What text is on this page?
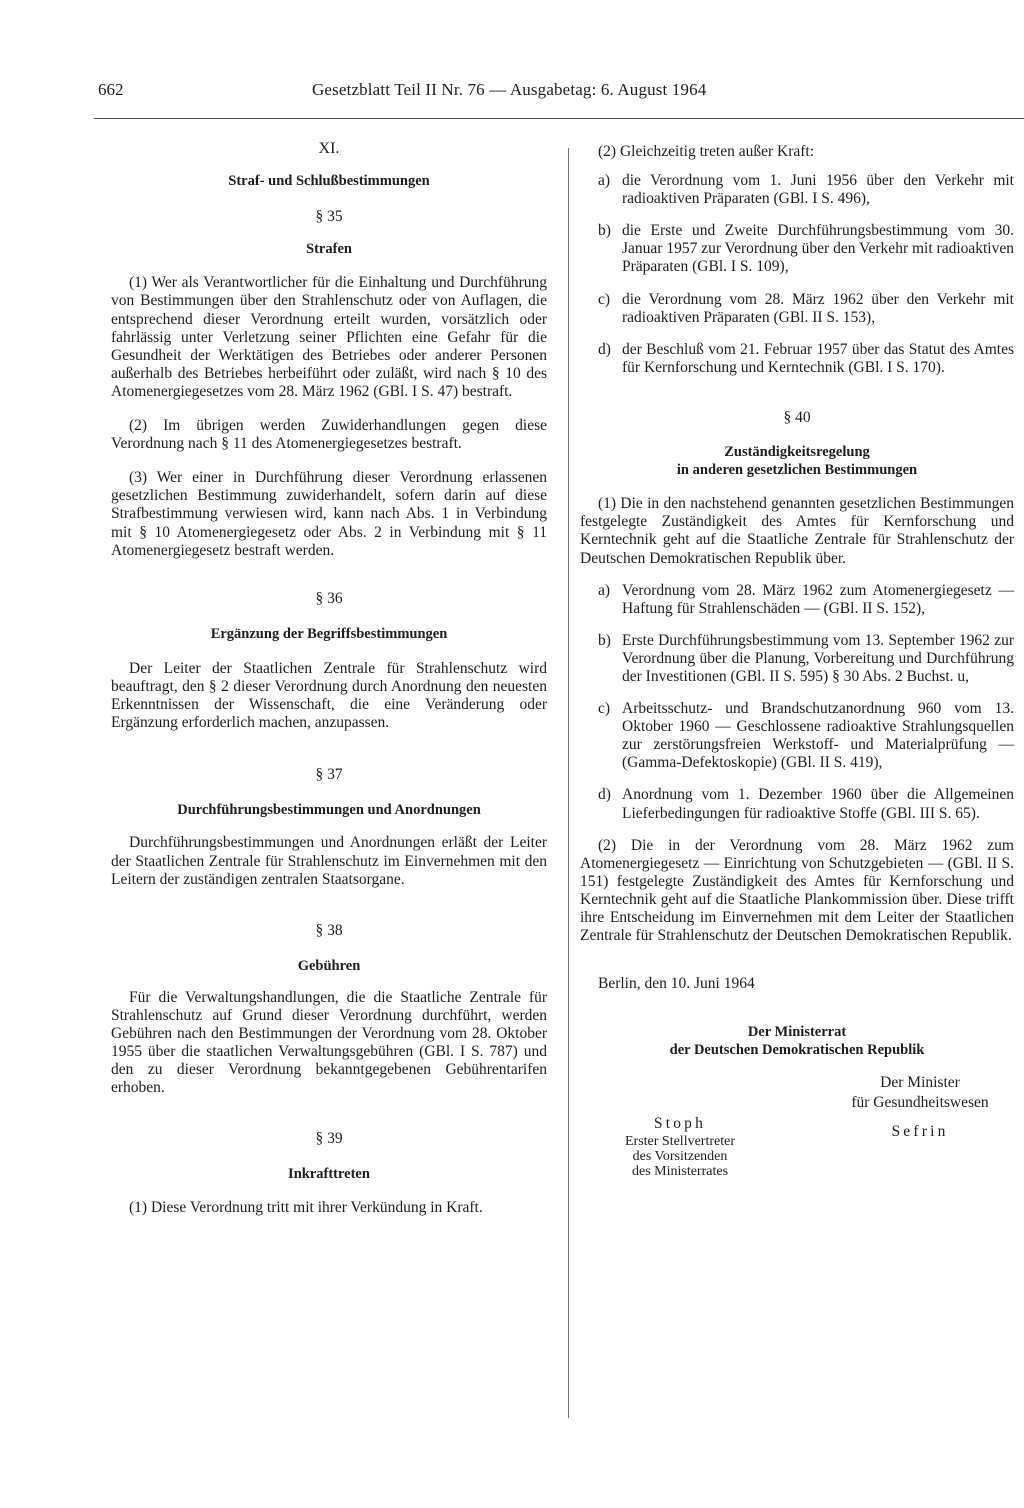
662	Gesetzblatt Teil II Nr. 76 — Ausgabetag: 6. August 1964

XI.

Straf- und Schlußbestimmungen

§ 35

Strafen

(1) Wer als Verantwortlicher für die Einhaltung und Durchführung von Bestimmungen über den Strahlenschutz oder von Auflagen, die entsprechend dieser Verordnung erteilt wurden, vorsätzlich oder fahrlässig unter Verletzung seiner Pflichten eine Gefahr für die Gesundheit der Werktätigen des Betriebes oder anderer Personen außerhalb des Betriebes herbeiführt oder zuläßt, wird nach § 10 des Atomenergiegesetzes vom 28. März 1962 (GBl. I S. 47) bestraft.

(2) Im übrigen werden Zuwiderhandlungen gegen diese Verordnung nach § 11 des Atomenergiegesetzes bestraft.

(3) Wer einer in Durchführung dieser Verordnung erlassenen gesetzlichen Bestimmung zuwiderhandelt, sofern darin auf diese Strafbestimmung verwiesen wird, kann nach Abs. 1 in Verbindung mit § 10 Atomenergiegesetz oder Abs. 2 in Verbindung mit § 11 Atomenergiegesetz bestraft werden.

§ 36

Ergänzung der Begriffsbestimmungen

Der Leiter der Staatlichen Zentrale für Strahlenschutz wird beauftragt, den § 2 dieser Verordnung durch Anordnung den neuesten Erkenntnissen der Wissenschaft, die eine Veränderung oder Ergänzung erforderlich machen, anzupassen.

§ 37

Durchführungsbestimmungen und Anordnungen

Durchführungsbestimmungen und Anordnungen erläßt der Leiter der Staatlichen Zentrale für Strahlenschutz im Einvernehmen mit den Leitern der zuständigen zentralen Staatsorgane.

§ 38

Gebühren

Für die Verwaltungshandlungen, die die Staatliche Zentrale für Strahlenschutz auf Grund dieser Verordnung durchführt, werden Gebühren nach den Bestimmungen der Verordnung vom 28. Oktober 1955 über die staatlichen Verwaltungsgebühren (GBl. I S. 787) und den zu dieser Verordnung bekanntgegebenen Gebührentarifen erhoben.

§ 39

Inkrafttreten

(1) Diese Verordnung tritt mit ihrer Verkündung in Kraft.

(2) Gleichzeitig treten außer Kraft:

a) die Verordnung vom 1. Juni 1956 über den Verkehr mit radioaktiven Präparaten (GBl. I S. 496),
b) die Erste und Zweite Durchführungsbestimmung vom 30. Januar 1957 zur Verordnung über den Verkehr mit radioaktiven Präparaten (GBl. I S. 109),
c) die Verordnung vom 28. März 1962 über den Verkehr mit radioaktiven Präparaten (GBl. II S. 153),
d) der Beschluß vom 21. Februar 1957 über das Statut des Amtes für Kernforschung und Kerntechnik (GBl. I S. 170).

§ 40

Zuständigkeitsregelung

in anderen gesetzlichen Bestimmungen

(1) Die in den nachstehend genannten gesetzlichen Bestimmungen festgelegte Zuständigkeit des Amtes für Kernforschung und Kerntechnik geht auf die Staatliche Zentrale für Strahlenschutz der Deutschen Demokratischen Republik über.

a) Verordnung vom 28. März 1962 zum Atomenergiegesetz — Haftung für Strahlenschäden — (GBl. II S. 152),
b) Erste Durchführungsbestimmung vom 13. September 1962 zur Verordnung über die Planung, Vorbereitung und Durchführung der Investitionen (GBl. II S. 595) § 30 Abs. 2 Buchst. u,
c) Arbeitsschutz- und Brandschutzanordnung 960 vom 13. Oktober 1960 — Geschlossene radioaktive Strahlungsquellen zur zerstörungsfreien Werkstoff- und Materialprüfung — (Gamma-Defektoskopie) (GBl. II S. 419),
d) Anordnung vom 1. Dezember 1960 über die Allgemeinen Lieferbedingungen für radioaktive Stoffe (GBl. III S. 65).

(2) Die in der Verordnung vom 28. März 1962 zum Atomenergiegesetz — Einrichtung von Schutzgebieten — (GBl. II S. 151) festgelegte Zuständigkeit des Amtes für Kernforschung und Kerntechnik geht auf die Staatliche Plankommission über. Diese trifft ihre Entscheidung im Einvernehmen mit dem Leiter der Staatlichen Zentrale für Strahlenschutz der Deutschen Demokratischen Republik.

Berlin, den 10. Juni 1964

Der Ministerrat

der Deutschen Demokratischen Republik

Stoph

Erster Stellvertreter

des Vorsitzenden

des Ministerrates

Der Minister

für Gesundheitswesen

Sefrin
